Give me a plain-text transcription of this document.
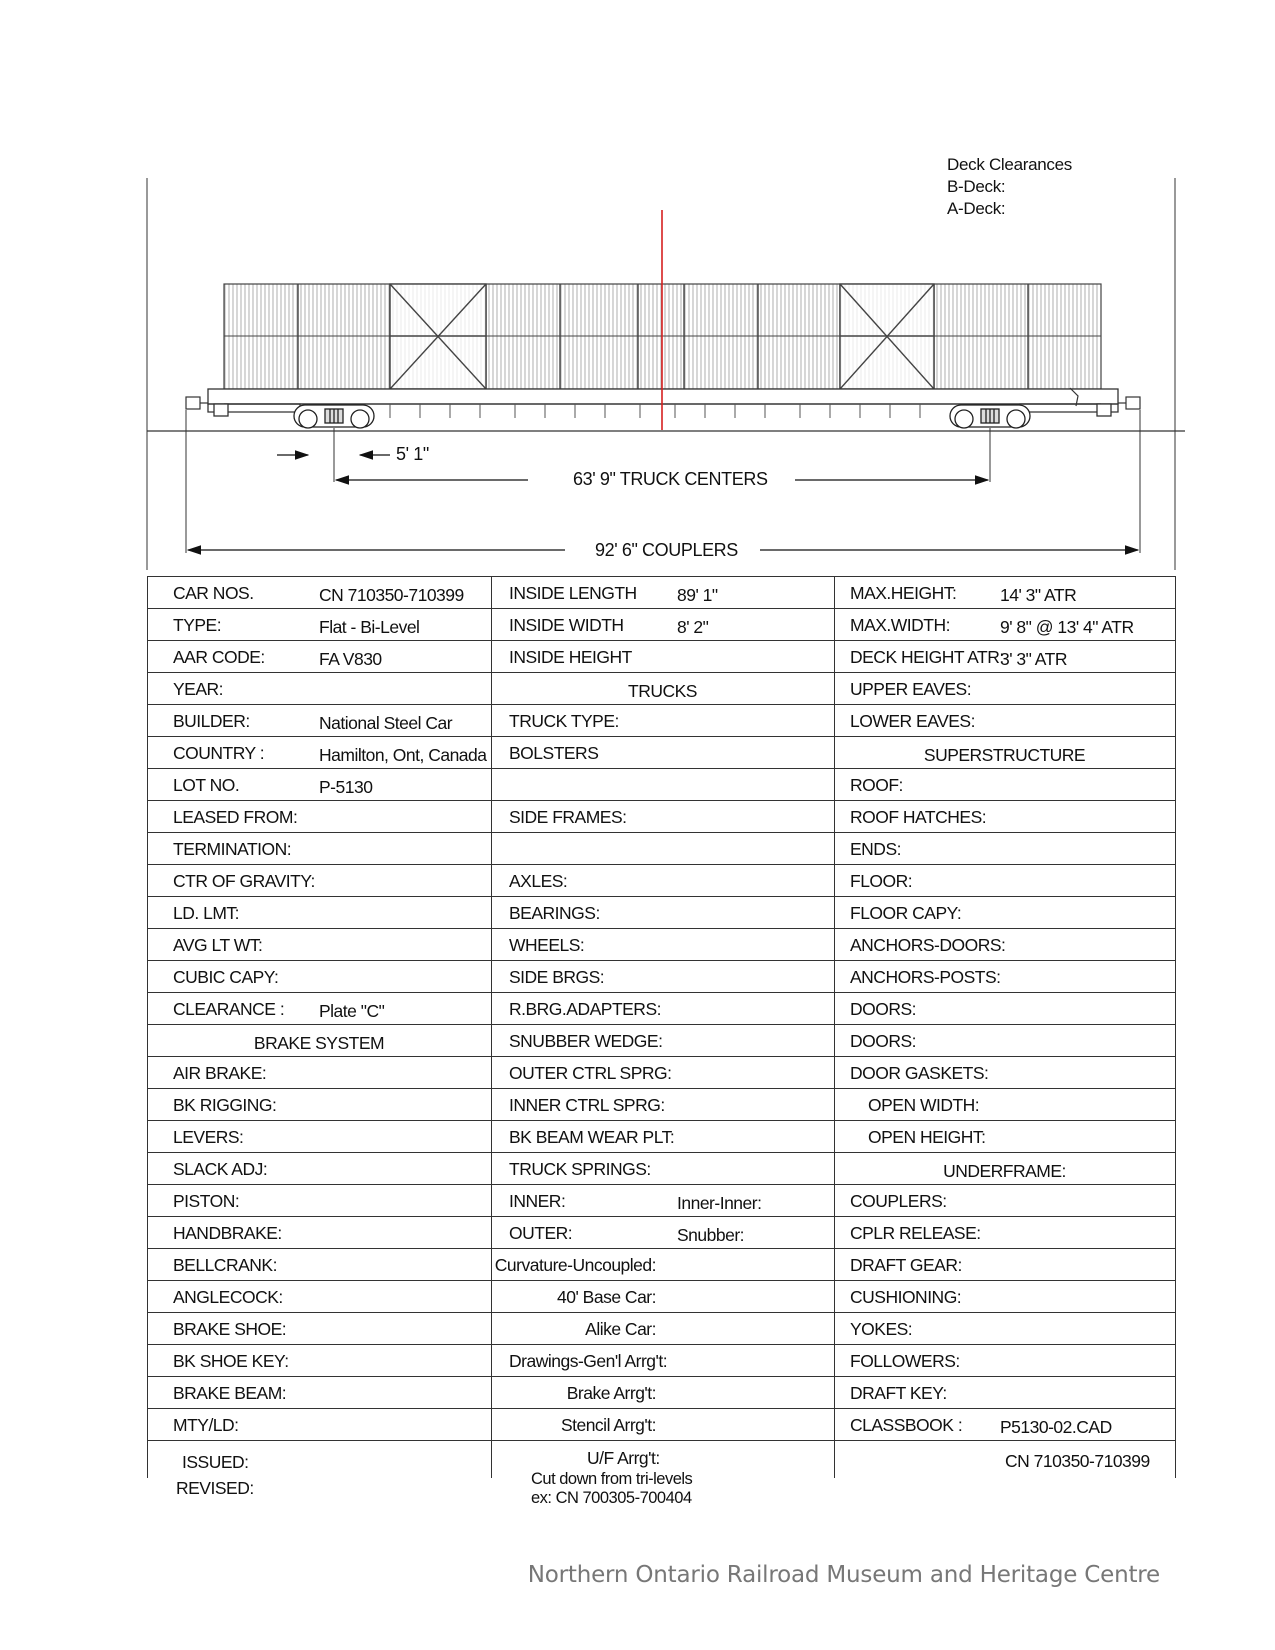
Deck Clearances
B-Deck:
A-Deck:
5' 1"
63' 9" TRUCK CENTERS
92' 6" COUPLERS
CAR NOS.	CN 710350-710399
TYPE:	Flat - Bi-Level
AAR CODE:	FA V830
YEAR:
BUILDER:	National Steel Car
COUNTRY :	Hamilton, Ont, Canada
LOT NO.	P-5130
LEASED FROM:
TERMINATION:
CTR OF GRAVITY:
LD. LMT:
AVG LT WT:
CUBIC CAPY:
CLEARANCE : Plate "C"
BRAKE SYSTEM
AIR BRAKE:
BK RIGGING:
LEVERS:
SLACK ADJ:
PISTON:
HANDBRAKE:
BELLCRANK:
ANGLECOCK:
BRAKE SHOE:
BK SHOE KEY:
BRAKE BEAM:
MTY/LD:
INSIDE LENGTH 89' 1"
INSIDE WIDTH	8' 2"
INSIDE HEIGHT
TRUCKS
TRUCK TYPE:
BOLSTERS
SIDE FRAMES:
AXLES:
BEARINGS:
WHEELS:
SIDE BRGS:
R.BRG.ADAPTERS:
SNUBBER WEDGE:
OUTER CTRL SPRG:
INNER CTRL SPRG:
BK BEAM WEAR PLT:
TRUCK SPRINGS:
INNER:	Inner-Inner:
OUTER:	Snubber:
Curvature-Uncoupled:
40' Base Car:
Alike Car:
Drawings-Gen'l Arrg't:
Brake Arrg't:
Stencil Arrg't:
MAX.HEIGHT: 14' 3" ATR
MAX.WIDTH:	9' 8" @ 13' 4" ATR
DECK HEIGHT ATR:
3' 3" ATR
UPPER EAVES:
LOWER EAVES:
SUPERSTRUCTURE
ROOF:
ROOF HATCHES:
ENDS:
FLOOR:
FLOOR CAPY:
ANCHORS-DOORS:
ANCHORS-POSTS:
DOORS:
DOORS:
DOOR GASKETS:
OPEN WIDTH:
OPEN HEIGHT:
UNDERFRAME:
COUPLERS:
CPLR RELEASE:
DRAFT GEAR:
CUSHIONING:
YOKES:
FOLLOWERS:
DRAFT KEY:
CLASSBOOK : P5130-02.CAD
ISSUED:
REVISED:
U/F Arrg't:
Cut down from tri-levels
ex: CN 700305-700404
CN 710350-710399
Northern Ontario Railroad Museum and Heritage Centre
